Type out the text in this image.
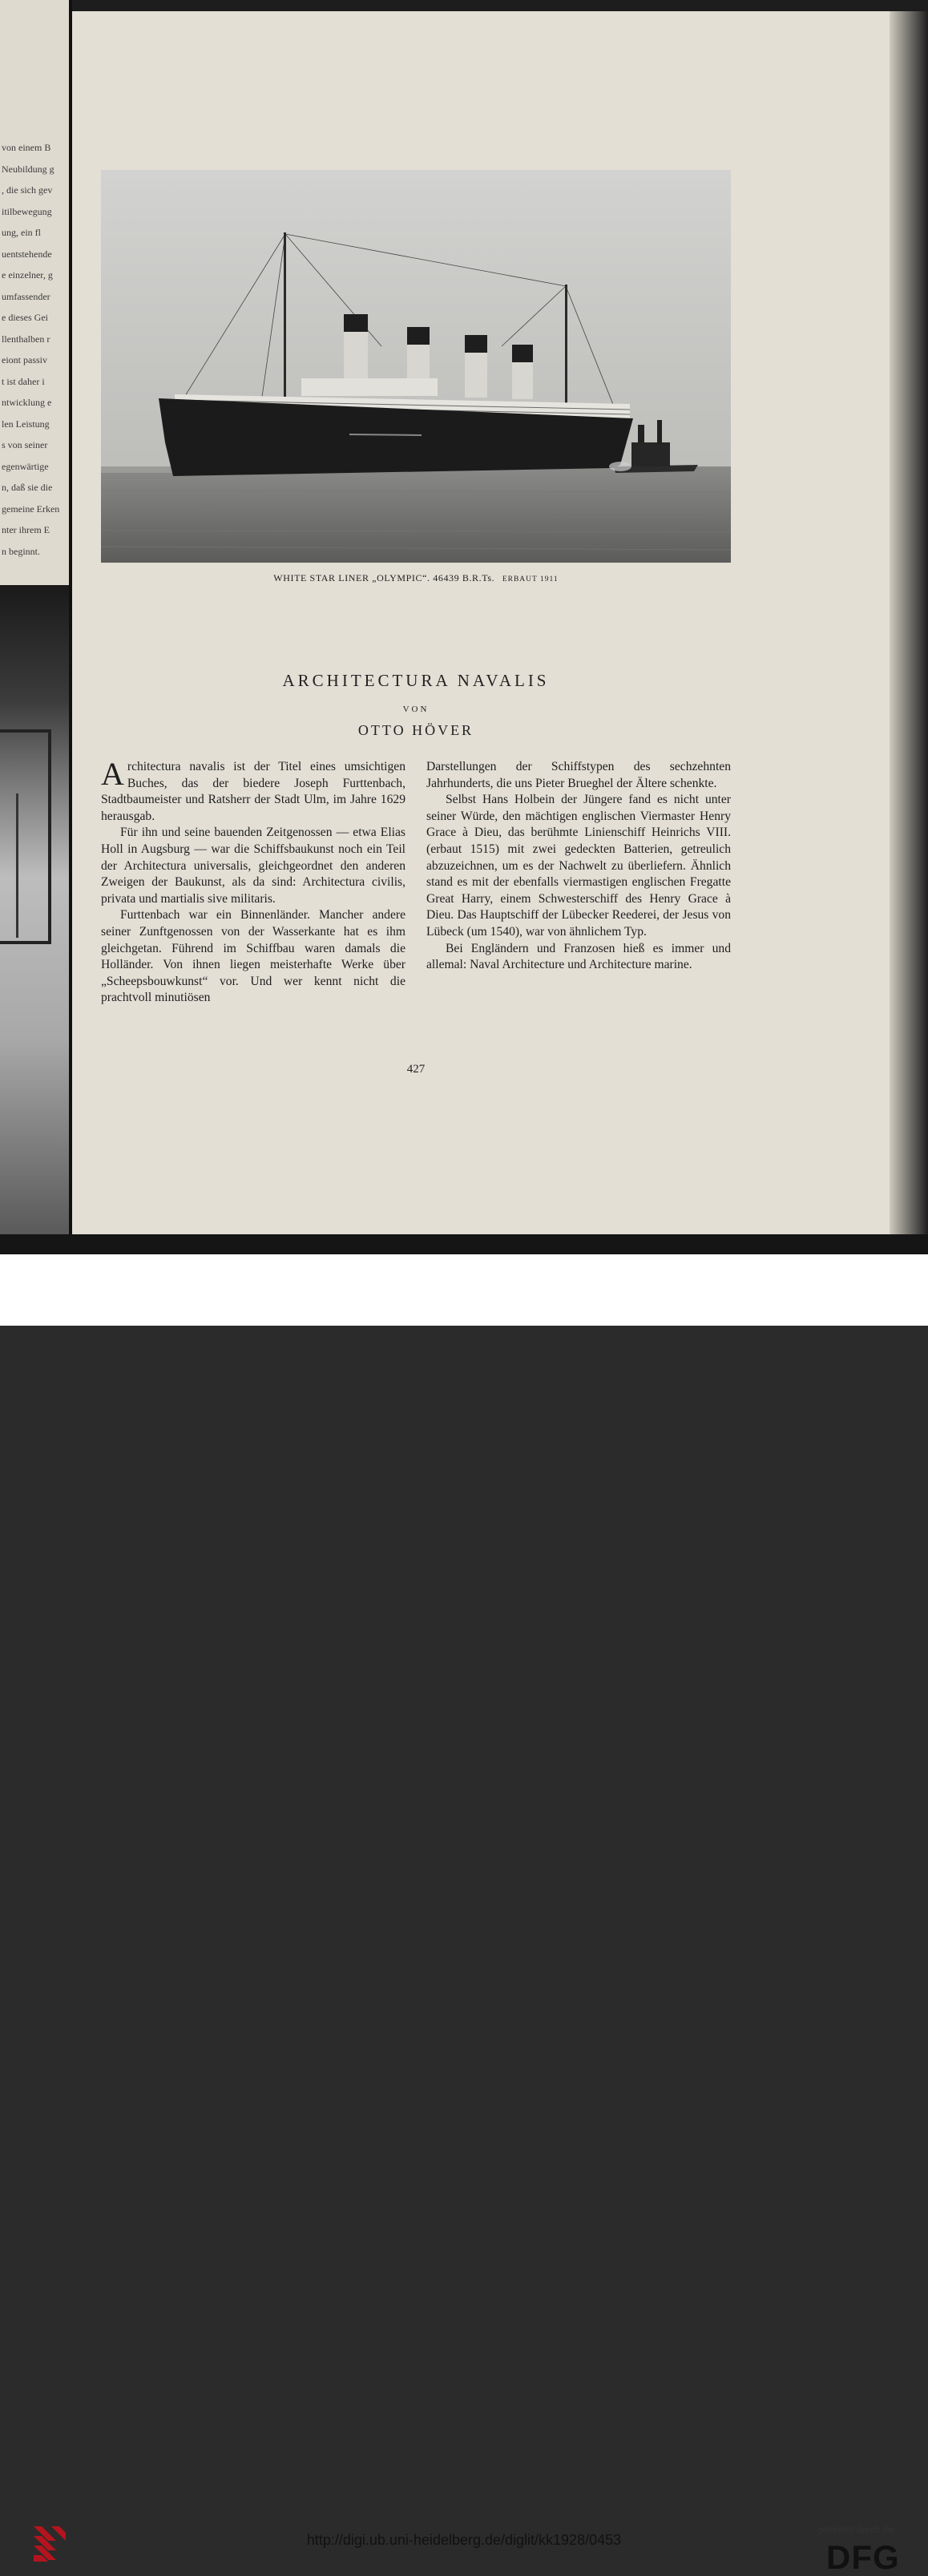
von einem B
Neubildung g
, die sich gev
itilbewegung
ung, ein fl
uentstehende
e einzelner, g
umfassender
e dieses Gei
llenthalben r
eiont passiv
t ist daher i
ntwicklung e
len Leistung
s von seiner
egenwärtige
n, daß sie die
gemeine Erken
nter ihrem E
n beginnt.
WHITE STAR LINER „OLYMPIC“. 46439 B.R.Ts. ERBAUT 1911
ARCHITECTURA NAVALIS
VON
OTTO HÖVER

Architectura navalis ist der Titel eines umsichtigen Buches, das der biedere Joseph Furttenbach, Stadtbaumeister und Ratsherr der Stadt Ulm, im Jahre 1629 herausgab.

Für ihn und seine bauenden Zeitgenossen — etwa Elias Holl in Augsburg — war die Schiffsbaukunst noch ein Teil der Architectura universalis, gleichgeordnet den anderen Zweigen der Baukunst, als da sind: Architectura civilis, privata und martialis sive militaris.

Furttenbach war ein Binnenländer. Mancher andere seiner Zunftgenossen von der Wasserkante hat es ihm gleichgetan. Führend im Schiffbau waren damals die Holländer. Von ihnen liegen meisterhafte Werke über „Scheepsbouwkunst“ vor. Und wer kennt nicht die prachtvoll minutiösen

Darstellungen der Schiffstypen des sechzehnten Jahrhunderts, die uns Pieter Brueghel der Ältere schenkte.

Selbst Hans Holbein der Jüngere fand es nicht unter seiner Würde, den mächtigen englischen Viermaster Henry Grace à Dieu, das berühmte Linienschiff Heinrichs VIII. (erbaut 1515) mit zwei gedeckten Batterien, getreulich abzuzeichnen, um es der Nachwelt zu überliefern. Ähnlich stand es mit der ebenfalls viermastigen englischen Fregatte Great Harry, einem Schwesterschiff des Henry Grace à Dieu. Das Hauptschiff der Lübecker Reederei, der Jesus von Lübeck (um 1540), war von ähnlichem Typ.

Bei Engländern und Franzosen hieß es immer und allemal: Naval Architecture und Architecture marine.

427
UNIVERSITÄTS-
BIBLIOTHEK
HEIDELBERG
http://digi.ub.uni-heidelberg.de/diglit/kk1928/0453
gefördert durch die
DFG
